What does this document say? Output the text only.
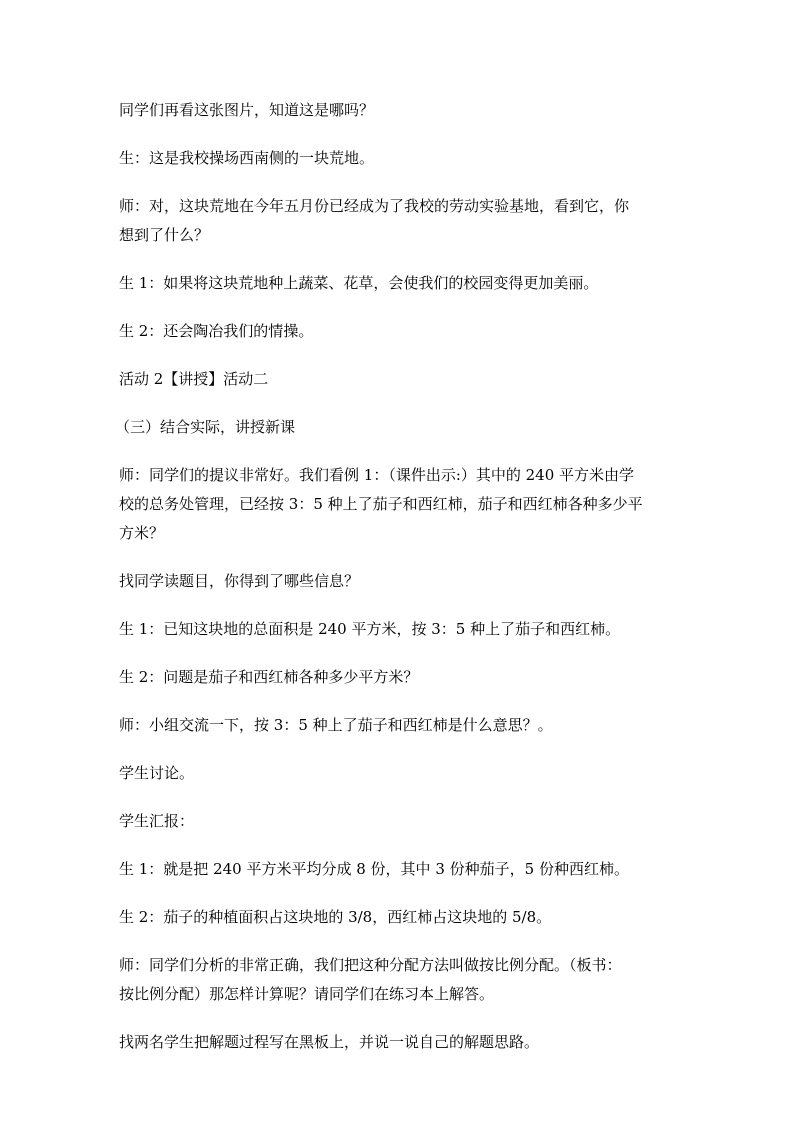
同学们再看这张图片，知道这是哪吗？

生：这是我校操场西南侧的一块荒地。

师：对，这块荒地在今年五月份已经成为了我校的劳动实验基地，看到它，你
想到了什么？

生 1：如果将这块荒地种上蔬菜、花草，会使我们的校园变得更加美丽。

生 2：还会陶冶我们的情操。

活动 2【讲授】活动二

（三）结合实际，讲授新课

师：同学们的提议非常好。我们看例 1：（课件出示:）其中的 240 平方米由学
校的总务处管理，已经按 3：5 种上了茄子和西红柿，茄子和西红柿各种多少平
方米？

找同学读题目，你得到了哪些信息？

生 1：已知这块地的总面积是 240 平方米，按 3：5 种上了茄子和西红柿。

生 2：问题是茄子和西红柿各种多少平方米？

师：小组交流一下，按 3：5 种上了茄子和西红柿是什么意思？。

学生讨论。

学生汇报：

生 1：就是把 240 平方米平均分成 8 份，其中 3 份种茄子，5 份种西红柿。

生 2：茄子的种植面积占这块地的 3/8，西红柿占这块地的 5/8。

师：同学们分析的非常正确，我们把这种分配方法叫做按比例分配。（板书：
按比例分配）那怎样计算呢？请同学们在练习本上解答。

找两名学生把解题过程写在黑板上，并说一说自己的解题思路。
